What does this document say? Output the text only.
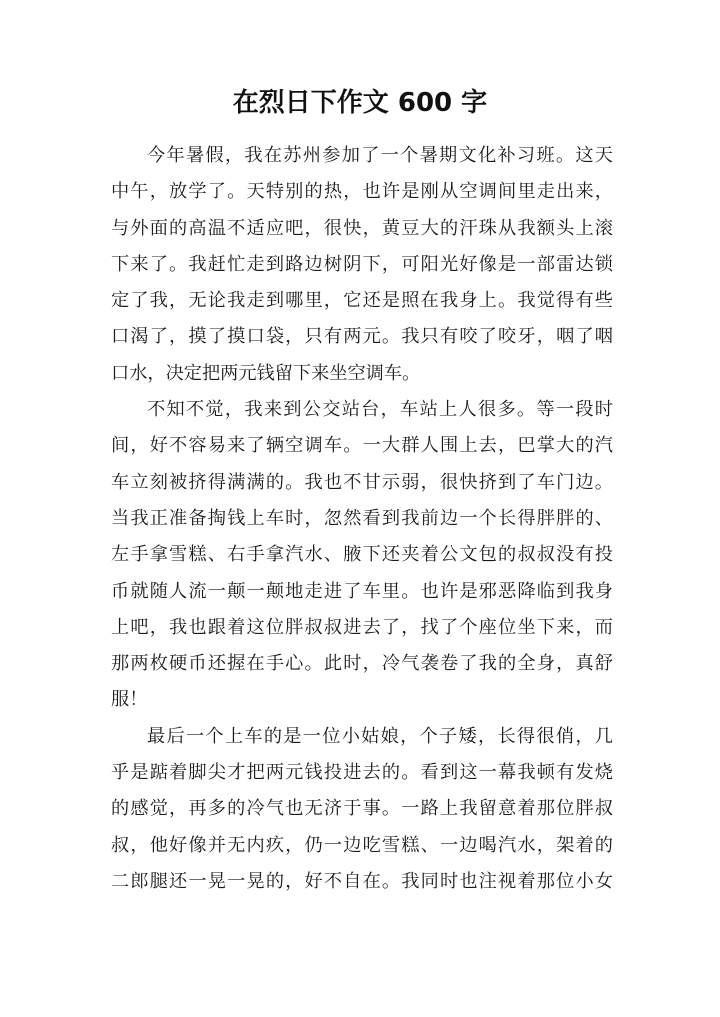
在烈日下作文 600 字
今年暑假，我在苏州参加了一个暑期文化补习班。这天
中午，放学了。天特别的热，也许是刚从空调间里走出来，
与外面的高温不适应吧，很快，黄豆大的汗珠从我额头上滚
下来了。我赶忙走到路边树阴下，可阳光好像是一部雷达锁
定了我，无论我走到哪里，它还是照在我身上。我觉得有些
口渴了，摸了摸口袋，只有两元。我只有咬了咬牙，咽了咽
口水，决定把两元钱留下来坐空调车。
不知不觉，我来到公交站台，车站上人很多。等一段时
间，好不容易来了辆空调车。一大群人围上去，巴掌大的汽
车立刻被挤得满满的。我也不甘示弱，很快挤到了车门边。
当我正准备掏钱上车时，忽然看到我前边一个长得胖胖的、
左手拿雪糕、右手拿汽水、腋下还夹着公文包的叔叔没有投
币就随人流一颠一颠地走进了车里。也许是邪恶降临到我身
上吧，我也跟着这位胖叔叔进去了，找了个座位坐下来，而
那两枚硬币还握在手心。此时，冷气袭卷了我的全身，真舒
服！
最后一个上车的是一位小姑娘，个子矮，长得很俏，几
乎是踮着脚尖才把两元钱投进去的。看到这一幕我顿有发烧
的感觉，再多的冷气也无济于事。一路上我留意着那位胖叔
叔，他好像并无内疚，仍一边吃雪糕、一边喝汽水，架着的
二郎腿还一晃一晃的，好不自在。我同时也注视着那位小女
